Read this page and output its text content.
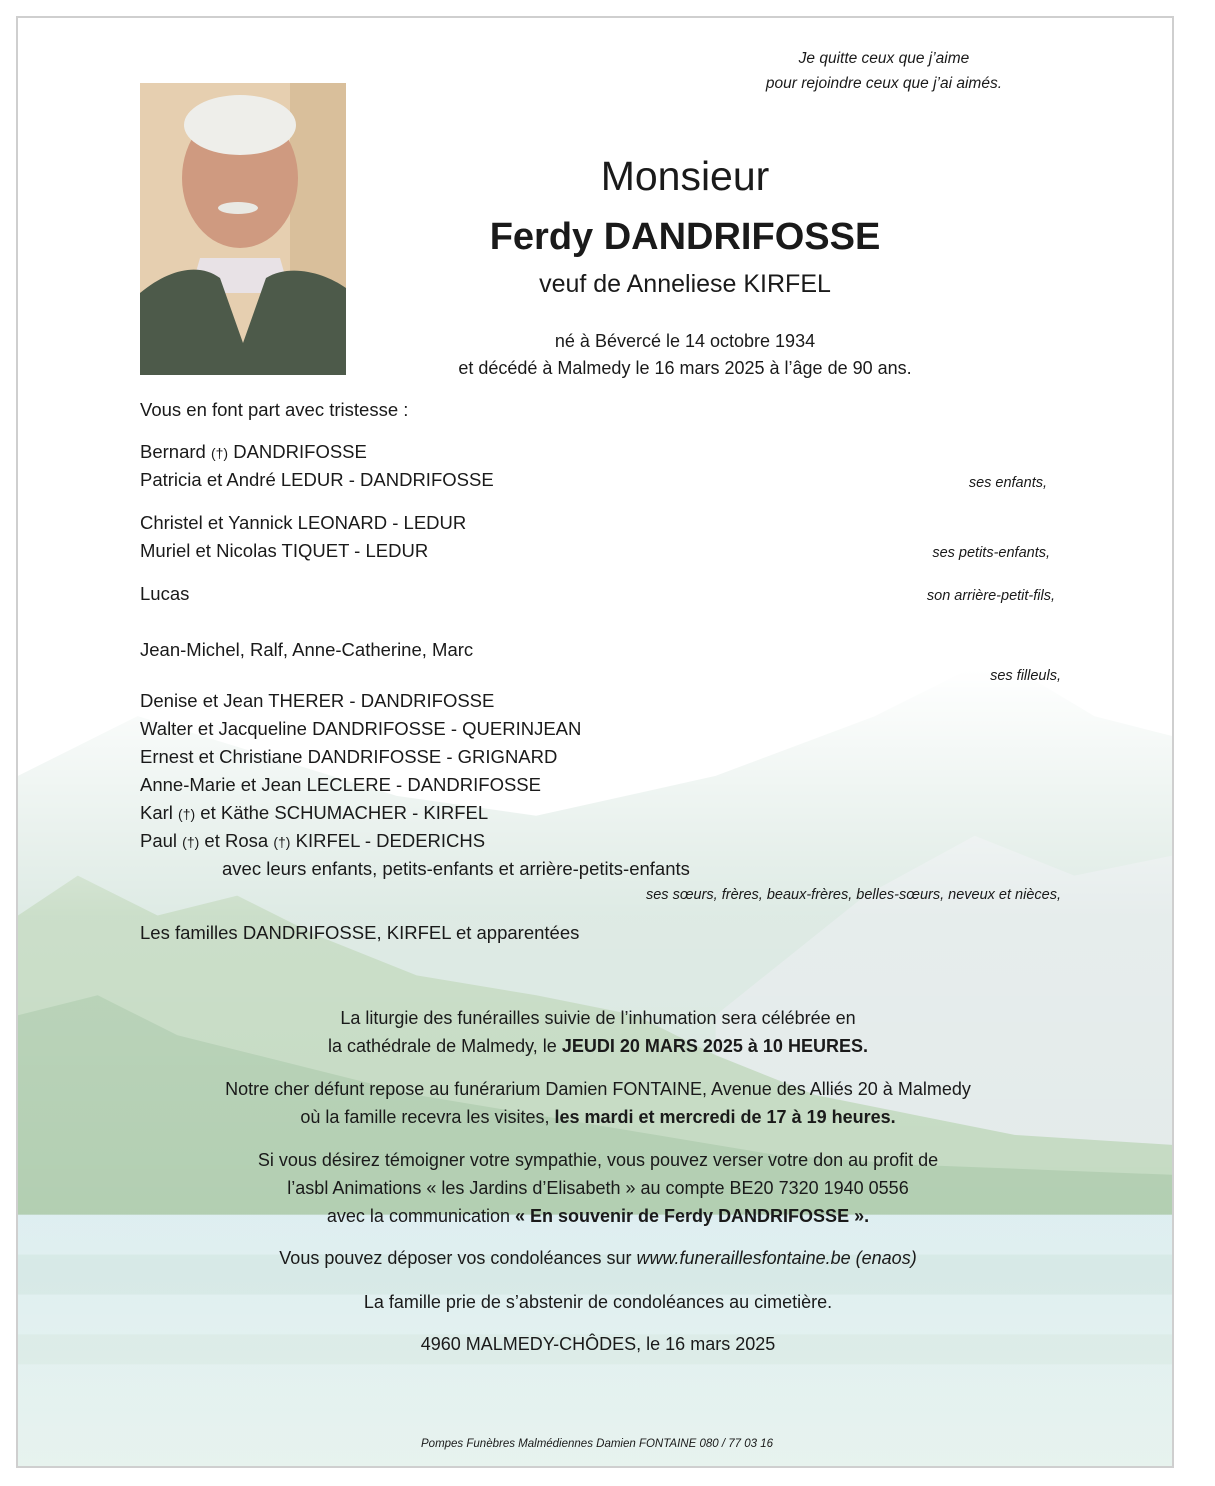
Je quitte ceux que j’aime
pour rejoindre ceux que j’ai aimés.
Monsieur
Ferdy DANDRIFOSSE
veuf de Anneliese KIRFEL
né à Bévercé le 14 octobre 1934
et décédé à Malmedy le 16 mars 2025 à l’âge de 90 ans.
Vous en font part avec tristesse :
Bernard (†) DANDRIFOSSE
Patricia et André LEDUR - DANDRIFOSSE	ses enfants,
Christel et Yannick LEONARD - LEDUR
Muriel et Nicolas TIQUET - LEDUR	ses petits-enfants,
Lucas	son arrière-petit-fils,
Jean-Michel, Ralf, Anne-Catherine, Marc
ses filleuls,
Denise et Jean THERER - DANDRIFOSSE
Walter et Jacqueline DANDRIFOSSE - QUERINJEAN
Ernest et Christiane DANDRIFOSSE - GRIGNARD
Anne-Marie et Jean LECLERE - DANDRIFOSSE
Karl (†) et Käthe SCHUMACHER - KIRFEL
Paul (†) et Rosa (†) KIRFEL - DEDERICHS
avec leurs enfants, petits-enfants et arrière-petits-enfants
ses sœurs, frères, beaux-frères, belles-sœurs, neveux et nièces,
Les familles DANDRIFOSSE, KIRFEL et apparentées
La liturgie des funérailles suivie de l’inhumation sera célébrée en
la cathédrale de Malmedy, le JEUDI 20 MARS 2025 à 10 HEURES.
Notre cher défunt repose au funérarium Damien FONTAINE, Avenue des Alliés 20 à Malmedy
où la famille recevra les visites, les mardi et mercredi de 17 à 19 heures.
Si vous désirez témoigner votre sympathie, vous pouvez verser votre don au profit de
l’asbl Animations « les Jardins d’Elisabeth » au compte BE20 7320 1940 0556
avec la communication « En souvenir de Ferdy DANDRIFOSSE ».
Vous pouvez déposer vos condoléances sur www.funeraillesfontaine.be (enaos)
La famille prie de s’abstenir de condoléances au cimetière.
4960 MALMEDY-CHÔDES, le 16 mars 2025
Pompes Funèbres Malmédiennes Damien FONTAINE 080 / 77 03 16
